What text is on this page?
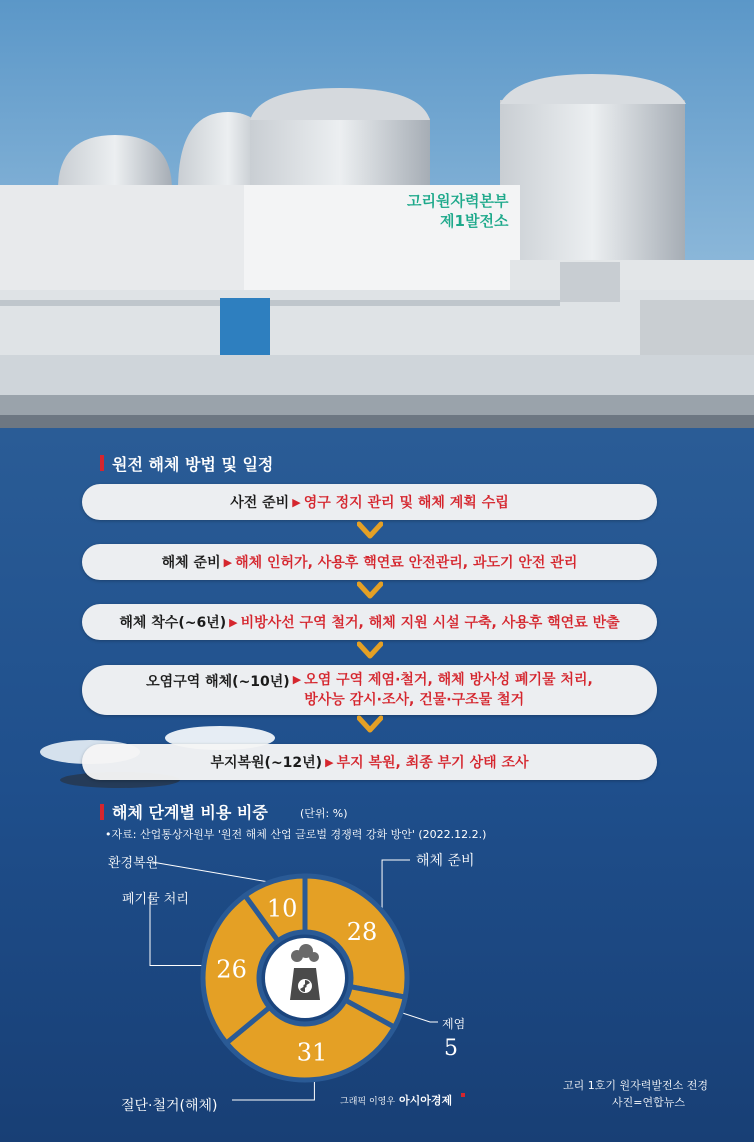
고리원자력본부
제1발전소
원전 해체 방법 및 일정
사전 준비 ▶ 영구 정지 관리 및 해체 계획 수립
해체 준비 ▶ 해체 인허가, 사용후 핵연료 안전관리, 과도기 안전 관리
해체 착수(~6년) ▶ 비방사선 구역 철거, 해체 지원 시설 구축, 사용후 핵연료 반출
오염구역 해체(~10년) ▶ 오염 구역 제염·철거, 해체 방사성 폐기물 처리,
방사능 감시·조사, 건물·구조물 철거
부지복원(~12년) ▶ 부지 복원, 최종 부기 상태 조사
해체 단계별 비용 비중	(단위: %)
•자료: 산업통상자원부 '원전 해체 산업 글로벌 경쟁력 강화 방안' (2022.12.2.)
28
31
26
10
해체 준비
제염
5
절단·철거(해체)
폐기물 처리
환경복원
그래픽 이영우 아시아경제
고리 1호기 원자력발전소 전경
사진=연합뉴스
